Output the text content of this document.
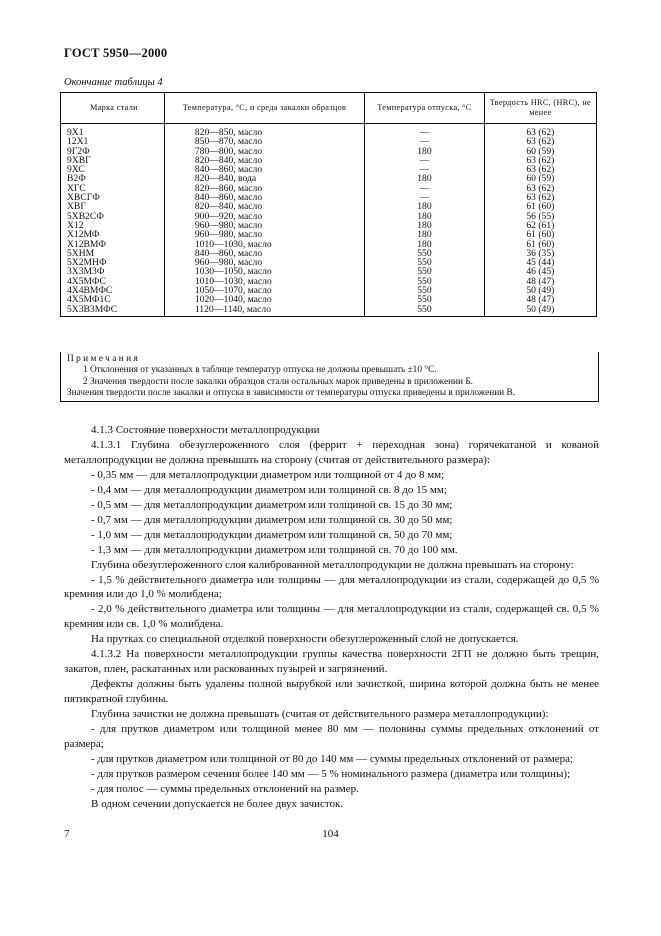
ГОСТ 5950—2000
Окончание таблицы 4
Марка стали	Температура, °С, и среда закалки образцов	Температура отпуска, °С	Твердость HRC, (HRC), не менее
9Х1	820—850, масло	—	63 (62)
12Х1	850—870, масло	—	63 (62)
9Г2Ф	780—800, масло	180	60 (59)
9ХВГ	820—840, масло	—	63 (62)
9ХС	840—860, масло	—	63 (62)
В2Ф	820—840, вода	180	60 (59)
ХГС	820—860, масло	—	63 (62)
ХВСГФ	840—860, масло	—	63 (62)
ХВГ	820—840, масло	180	61 (60)
5ХВ2СФ	900—920, масло	180	56 (55)
Х12	960—980, масло	180	62 (61)
Х12МФ	960—980, масло	180	61 (60)
Х12ВМФ	1010—1030, масло	180	61 (60)
5ХНМ	840—860, масло	550	36 (35)
5Х2МНФ	960—980, масло	550	45 (44)
3Х3М3Ф	1030—1050, масло	550	46 (45)
4Х5МФС	1010—1030, масло	550	48 (47)
4Х4ВМФС	1050—1070, масло	550	50 (49)
4Х5МФ1С	1020—1040, масло	550	48 (47)
5Х3В3МФС	1120—1140, масло	550	50 (49)

Примечания

1 Отклонения от указанных в таблице температур отпуска не должны превышать ±10 °С.

2 Значения твердости после закалки образцов стали остальных марок приведены в приложении Б.

Значения твердости после закалки и отпуска в зависимости от температуры отпуска приведены в приложении В.

4.1.3 Состояние поверхности металлопродукции

4.1.3.1 Глубина обезуглероженного слоя (феррит + переходная зона) горячекатаной и кованой металлопродукции не должна превышать на сторону (считая от действительного размера):

- 0,35 мм — для металлопродукции диаметром или толщиной от 4 до 8 мм;

- 0,4 мм — для металлопродукции диаметром или толщиной св. 8 до 15 мм;

- 0,5 мм — для металлопродукции диаметром или толщиной св. 15 до 30 мм;

- 0,7 мм — для металлопродукции диаметром или толщиной св. 30 до 50 мм;

- 1,0 мм — для металлопродукции диаметром или толщиной св. 50 до 70 мм;

- 1,3 мм — для металлопродукции диаметром или толщиной св. 70 до 100 мм.

Глубина обезуглероженного слоя калиброванной металлопродукции не должна превышать на сторону:

- 1,5 % действительного диаметра или толщины — для металлопродукции из стали, содержащей до 0,5 % кремния или до 1,0 % молибдена;

- 2,0 % действительного диаметра или толщины — для металлопродукции из стали, содержащей св. 0,5 % кремния или св. 1,0 % молибдена.

На прутках со специальной отделкой поверхности обезуглероженный слой не допускается.

4.1.3.2 На поверхности металлопродукции группы качества поверхности 2ГП не должно быть трещин, закатов, плен, раскатанных или раскованных пузырей и загрязнений.

Дефекты должны быть удалены полной вырубкой или зачисткой, ширина которой должна быть не менее пятикратной глубины.

Глубина зачистки не должна превышать (считая от действительного размера металлопродукции):

- для прутков диаметром или толщиной менее 80 мм — половины суммы предельных отклонений от размера;

- для прутков диаметром или толщиной от 80 до 140 мм — суммы предельных отклонений от размера;

- для прутков размером сечения более 140 мм — 5 % номинального размера (диаметра или толщины);

- для полос — суммы предельных отклонений на размер.

В одном сечении допускается не более двух зачисток.

7	104
